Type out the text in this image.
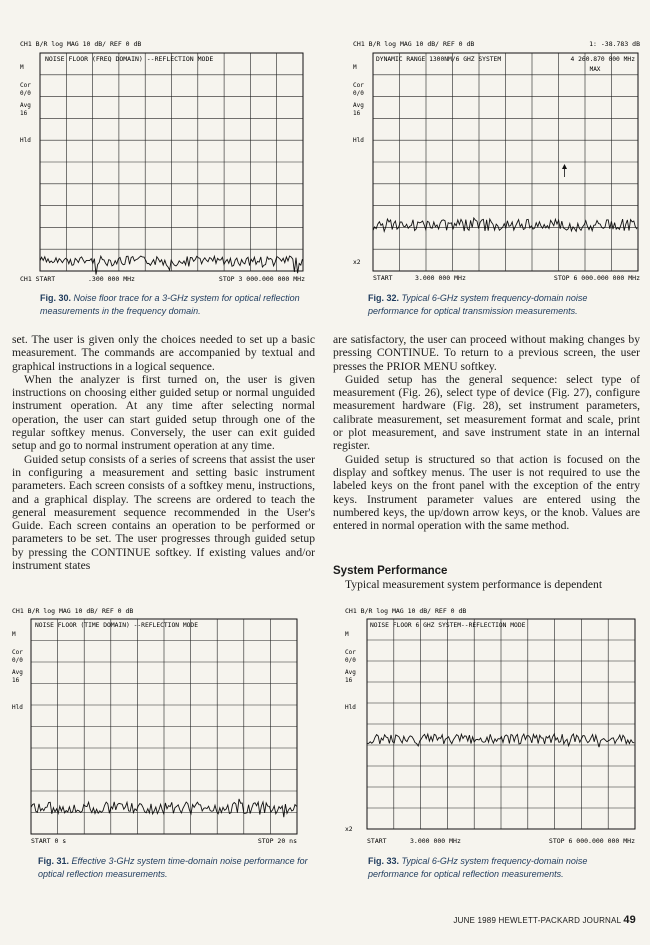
CH1 B/R log MAG 10 dB/ REF 0 dB
M
Cor
0/0
Avg
16
Hld
NOISE FLOOR (FREQ DOMAIN) --REFLECTION MODE
CH1 START	.300 000 MHz	STOP 3 000.000 000 MHz
Fig. 30. Noise floor trace for a 3-GHz system for optical reflection measurements in the frequency domain.
CH1 B/R log MAG 10 dB/ REF 0 dB	1: -38.783 dB
M
Cor
0/0
Avg
16
Hld
DYNAMIC RANGE 1300NM/6 GHZ SYSTEM	4 260.870 000 MHz
MAX
x2
START	3.000 000 MHz	STOP 6 000.000 000 MHz
Fig. 32. Typical 6-GHz system frequency-domain noise performance for optical transmission measurements.

set. The user is given only the choices needed to set up a basic measurement. The commands are accompanied by textual and graphical instructions in a logical sequence.

When the analyzer is first turned on, the user is given instructions on choosing either guided setup or normal unguided instrument operation. At any time after selecting normal operation, the user can start guided setup through one of the regular softkey menus. Conversely, the user can exit guided setup and go to normal instrument operation at any time.

Guided setup consists of a series of screens that assist the user in configuring a measurement and setting basic instrument parameters. Each screen consists of a softkey menu, instructions, and a graphical display. The screens are ordered to teach the general measurement sequence recommended in the User's Guide. Each screen contains an operation to be performed or parameters to be set. The user progresses through guided setup by pressing the CONTINUE softkey. If existing values and/or instrument states

are satisfactory, the user can proceed without making changes by pressing CONTINUE. To return to a previous screen, the user presses the PRIOR MENU softkey.

Guided setup has the general sequence: select type of measurement (Fig. 26), select type of device (Fig. 27), configure measurement hardware (Fig. 28), set instrument parameters, calibrate measurement, set measurement format and scale, print or plot measurement, and save instrument state in an internal register.

Guided setup is structured so that action is focused on the display and softkey menus. The user is not required to use the labeled keys on the front panel with the exception of the entry keys. Instrument parameter values are entered using the numbered keys, the up/down arrow keys, or the knob. Values are entered in normal operation with the same method.

System Performance

Typical measurement system performance is dependent

CH1 B/R log MAG 10 dB/ REF 0 dB
M
Cor
0/0
Avg
16
Hld
NOISE FLOOR (TIME DOMAIN) --REFLECTION MODE
START 0 s	STOP 20 ns
Fig. 31. Effective 3-GHz system time-domain noise performance for optical reflection measurements.
CH1 B/R log MAG 10 dB/ REF 0 dB
M
Cor
0/0
Avg
16
Hld
NOISE FLOOR 6 GHZ SYSTEM--REFLECTION MODE
x2
START	3.000 000 MHz	STOP 6 000.000 000 MHz
Fig. 33. Typical 6-GHz system frequency-domain noise performance for optical reflection measurements.
JUNE 1989 HEWLETT-PACKARD JOURNAL 49
